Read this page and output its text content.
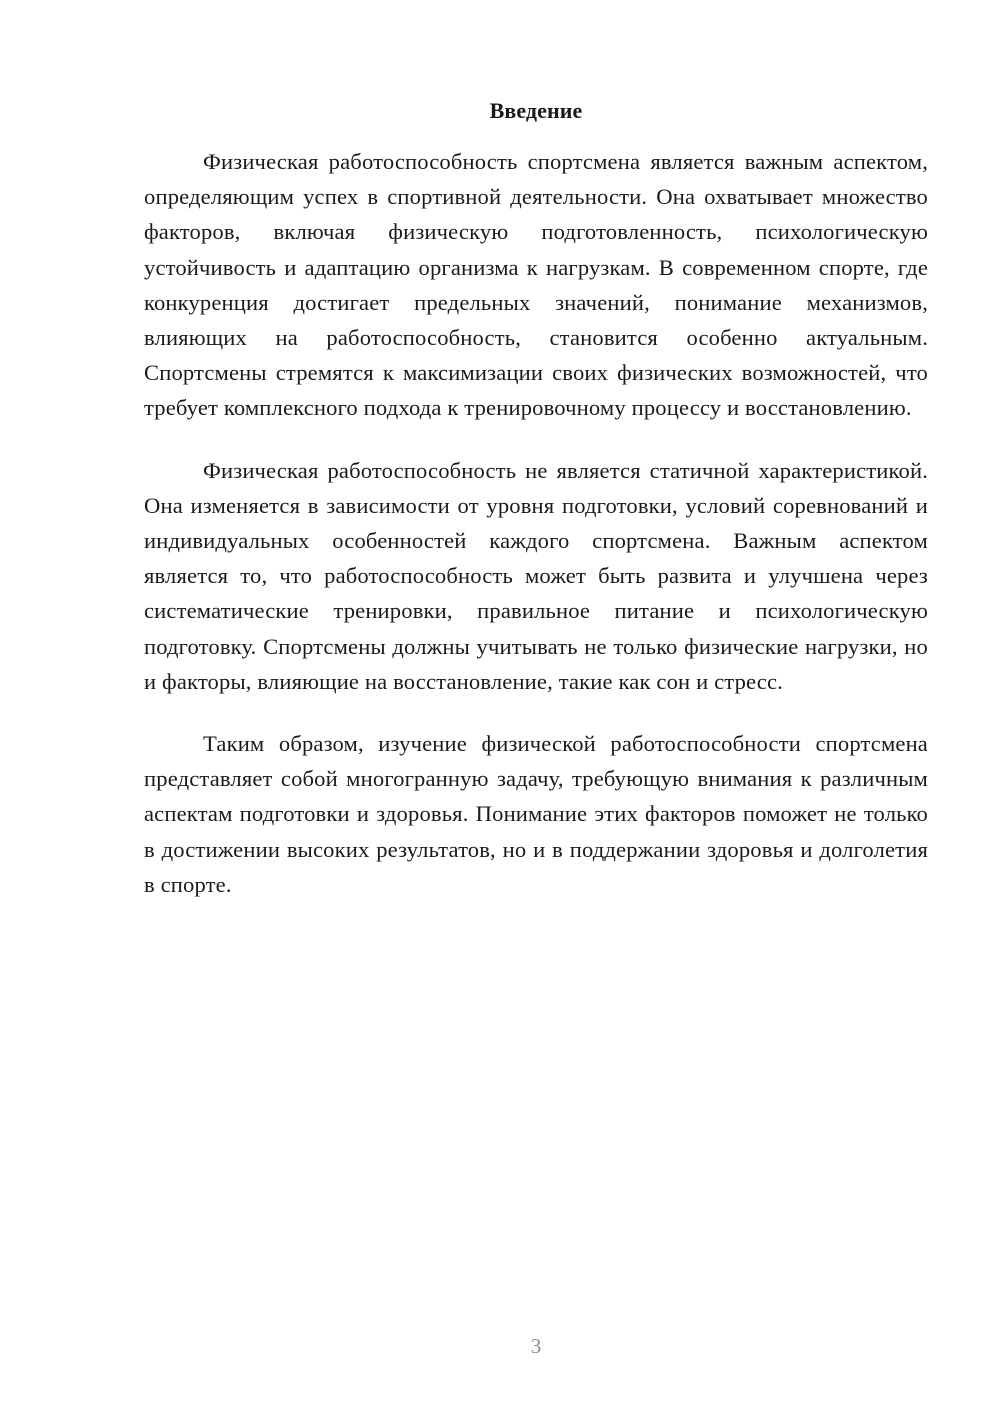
Введение

Физическая работоспособность спортсмена является важным аспектом, определяющим успех в спортивной деятельности. Она охватывает множество факторов, включая физическую подготовленность, психологическую устойчивость и адаптацию организма к нагрузкам. В современном спорте, где конкуренция достигает предельных значений, понимание механизмов, влияющих на работоспособность, становится особенно актуальным. Спортсмены стремятся к максимизации своих физических возможностей, что требует комплексного подхода к тренировочному процессу и восстановлению.

Физическая работоспособность не является статичной характеристикой. Она изменяется в зависимости от уровня подготовки, условий соревнований и индивидуальных особенностей каждого спортсмена. Важным аспектом является то, что работоспособность может быть развита и улучшена через систематические тренировки, правильное питание и психологическую подготовку. Спортсмены должны учитывать не только физические нагрузки, но и факторы, влияющие на восстановление, такие как сон и стресс.

Таким образом, изучение физической работоспособности спортсмена представляет собой многогранную задачу, требующую внимания к различным аспектам подготовки и здоровья. Понимание этих факторов поможет не только в достижении высоких результатов, но и в поддержании здоровья и долголетия в спорте.

3
